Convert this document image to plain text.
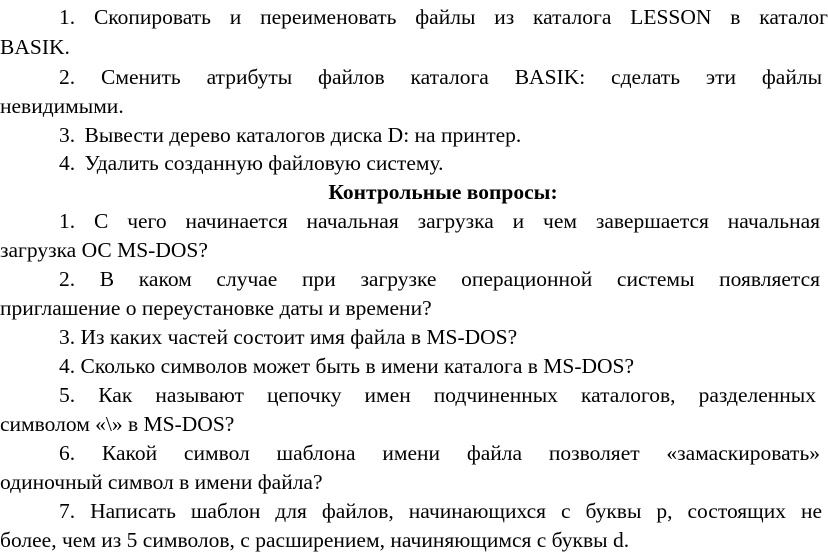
1. Скопировать и переименовать файлы из каталога LESSON в каталог
BASIK.
2. Сменить атрибуты файлов каталога BASIK: сделать эти файлы
невидимыми.
3. Вывести дерево каталогов диска D: на принтер.
4. Удалить созданную файловую систему.
Контрольные вопросы:
1. С чего начинается начальная загрузка и чем завершается начальная
загрузка ОС MS-DOS?
2. В каком случае при загрузке операционной системы появляется
приглашение о переустановке даты и времени?
3. Из каких частей состоит имя файла в MS-DOS?
4. Сколько символов может быть в имени каталога в MS-DOS?
5. Как называют цепочку имен подчиненных каталогов, разделенных
символом «\» в MS-DOS?
6. Какой символ шаблона имени файла позволяет «замаскировать»
одиночный символ в имени файла?
7. Написать шаблон для файлов, начинающихся с буквы р, состоящих не
более, чем из 5 символов, с расширением, начиняющимся с буквы d.
